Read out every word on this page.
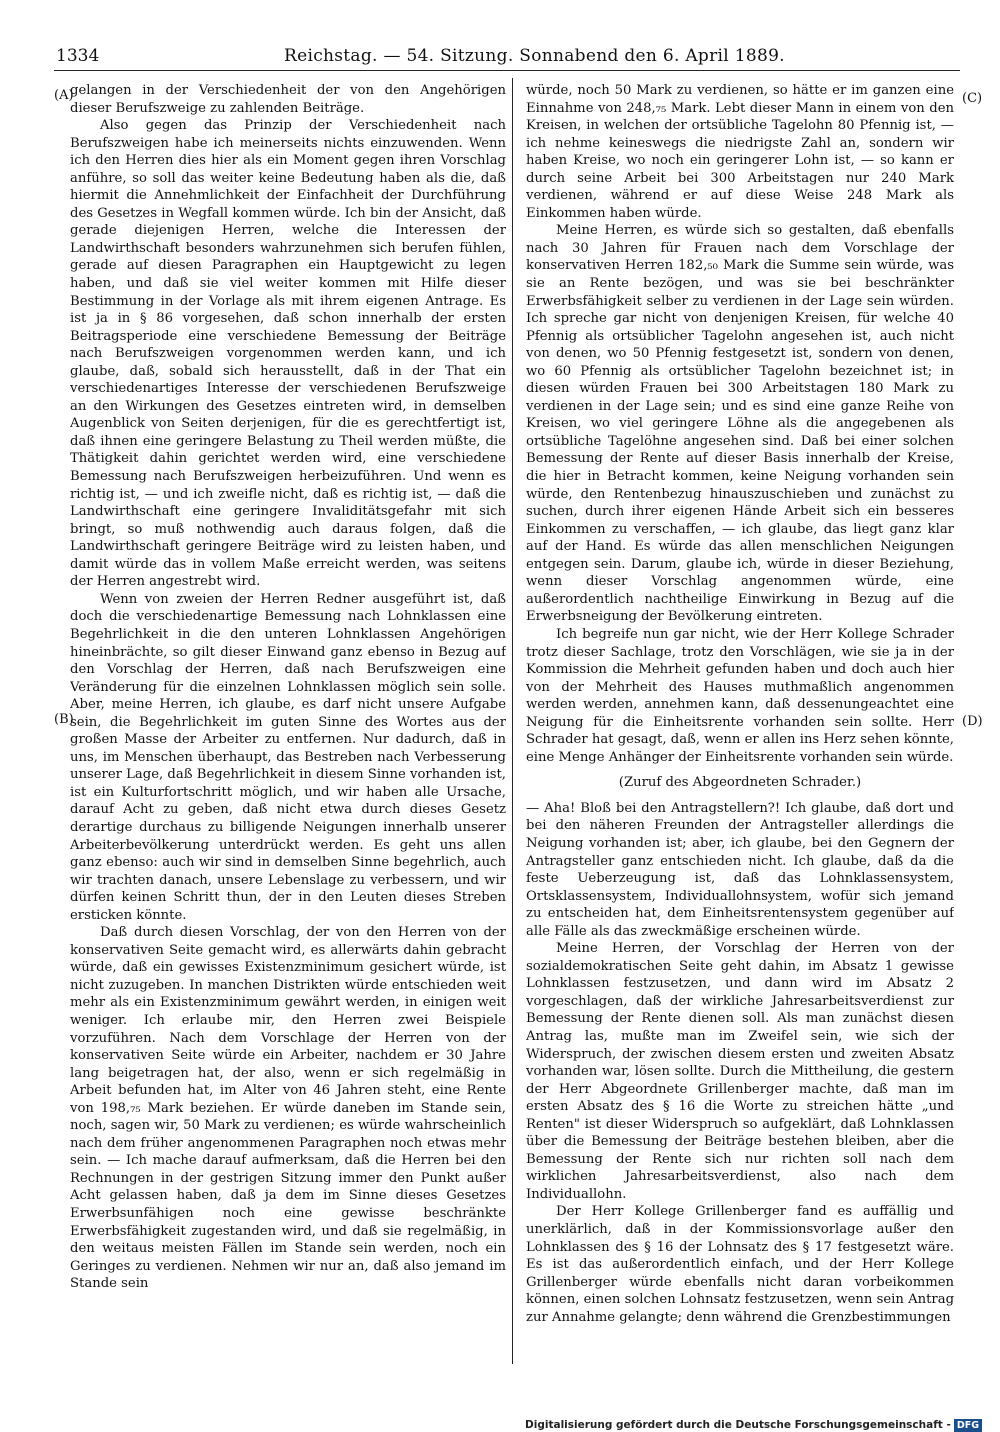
1334	Reichstag. — 54. Sitzung. Sonnabend den 6. April 1889.
(A)
(B)
(C)
(D)

gelangen in der Verschiedenheit der von den Angehörigen dieser Berufszweige zu zahlenden Beiträge.

Also gegen das Prinzip der Verschiedenheit nach Berufszweigen habe ich meinerseits nichts einzuwenden. Wenn ich den Herren dies hier als ein Moment gegen ihren Vorschlag anführe, so soll das weiter keine Bedeutung haben als die, daß hiermit die Annehmlichkeit der Einfachheit der Durchführung des Gesetzes in Wegfall kommen würde. Ich bin der Ansicht, daß gerade diejenigen Herren, welche die Interessen der Landwirthschaft besonders wahrzunehmen sich berufen fühlen, gerade auf diesen Paragraphen ein Hauptgewicht zu legen haben, und daß sie viel weiter kommen mit Hilfe dieser Bestimmung in der Vorlage als mit ihrem eigenen Antrage. Es ist ja in § 86 vorgesehen, daß schon innerhalb der ersten Beitragsperiode eine verschiedene Bemessung der Beiträge nach Berufszweigen vorgenommen werden kann, und ich glaube, daß, sobald sich herausstellt, daß in der That ein verschiedenartiges Interesse der verschiedenen Berufszweige an den Wirkungen des Gesetzes eintreten wird, in demselben Augenblick von Seiten derjenigen, für die es gerechtfertigt ist, daß ihnen eine geringere Belastung zu Theil werden müßte, die Thätigkeit dahin gerichtet werden wird, eine verschiedene Bemessung nach Berufszweigen herbeizuführen. Und wenn es richtig ist, — und ich zweifle nicht, daß es richtig ist, — daß die Landwirthschaft eine geringere Invaliditätsgefahr mit sich bringt, so muß nothwendig auch daraus folgen, daß die Landwirthschaft geringere Beiträge wird zu leisten haben, und damit würde das in vollem Maße erreicht werden, was seitens der Herren angestrebt wird.

Wenn von zweien der Herren Redner ausgeführt ist, daß doch die verschiedenartige Bemessung nach Lohnklassen eine Begehrlichkeit in die den unteren Lohnklassen Angehörigen hineinbrächte, so gilt dieser Einwand ganz ebenso in Bezug auf den Vorschlag der Herren, daß nach Berufszweigen eine Veränderung für die einzelnen Lohnklassen möglich sein solle. Aber, meine Herren, ich glaube, es darf nicht unsere Aufgabe sein, die Begehrlichkeit im guten Sinne des Wortes aus der großen Masse der Arbeiter zu entfernen. Nur dadurch, daß in uns, im Menschen überhaupt, das Bestreben nach Verbesserung unserer Lage, daß Begehrlichkeit in diesem Sinne vorhanden ist, ist ein Kulturfortschritt möglich, und wir haben alle Ursache, darauf Acht zu geben, daß nicht etwa durch dieses Gesetz derartige durchaus zu billigende Neigungen innerhalb unserer Arbeiterbevölkerung unterdrückt werden. Es geht uns allen ganz ebenso: auch wir sind in demselben Sinne begehrlich, auch wir trachten danach, unsere Lebenslage zu verbessern, und wir dürfen keinen Schritt thun, der in den Leuten dieses Streben ersticken könnte.

Daß durch diesen Vorschlag, der von den Herren von der konservativen Seite gemacht wird, es allerwärts dahin gebracht würde, daß ein gewisses Existenzminimum gesichert würde, ist nicht zuzugeben. In manchen Distrikten würde entschieden weit mehr als ein Existenzminimum gewährt werden, in einigen weit weniger. Ich erlaube mir, den Herren zwei Beispiele vorzuführen. Nach dem Vorschlage der Herren von der konservativen Seite würde ein Arbeiter, nachdem er 30 Jahre lang beigetragen hat, der also, wenn er sich regelmäßig in Arbeit befunden hat, im Alter von 46 Jahren steht, eine Rente von 198,₇₅ Mark beziehen. Er würde daneben im Stande sein, noch, sagen wir, 50 Mark zu verdienen; es würde wahrscheinlich nach dem früher angenommenen Paragraphen noch etwas mehr sein. — Ich mache darauf aufmerksam, daß die Herren bei den Rechnungen in der gestrigen Sitzung immer den Punkt außer Acht gelassen haben, daß ja dem im Sinne dieses Gesetzes Erwerbsunfähigen noch eine gewisse beschränkte Erwerbsfähigkeit zugestanden wird, und daß sie regelmäßig, in den weitaus meisten Fällen im Stande sein werden, noch ein Geringes zu verdienen. Nehmen wir nur an, daß also jemand im Stande sein

würde, noch 50 Mark zu verdienen, so hätte er im ganzen eine Einnahme von 248,₇₅ Mark. Lebt dieser Mann in einem von den Kreisen, in welchen der ortsübliche Tagelohn 80 Pfennig ist, — ich nehme keineswegs die niedrigste Zahl an, sondern wir haben Kreise, wo noch ein geringerer Lohn ist, — so kann er durch seine Arbeit bei 300 Arbeitstagen nur 240 Mark verdienen, während er auf diese Weise 248 Mark als Einkommen haben würde.

Meine Herren, es würde sich so gestalten, daß ebenfalls nach 30 Jahren für Frauen nach dem Vorschlage der konservativen Herren 182,₅₀ Mark die Summe sein würde, was sie an Rente bezögen, und was sie bei beschränkter Erwerbsfähigkeit selber zu verdienen in der Lage sein würden. Ich spreche gar nicht von denjenigen Kreisen, für welche 40 Pfennig als ortsüblicher Tagelohn angesehen ist, auch nicht von denen, wo 50 Pfennig festgesetzt ist, sondern von denen, wo 60 Pfennig als ortsüblicher Tagelohn bezeichnet ist; in diesen würden Frauen bei 300 Arbeitstagen 180 Mark zu verdienen in der Lage sein; und es sind eine ganze Reihe von Kreisen, wo viel geringere Löhne als die angegebenen als ortsübliche Tagelöhne angesehen sind. Daß bei einer solchen Bemessung der Rente auf dieser Basis innerhalb der Kreise, die hier in Betracht kommen, keine Neigung vorhanden sein würde, den Rentenbezug hinauszuschieben und zunächst zu suchen, durch ihrer eigenen Hände Arbeit sich ein besseres Einkommen zu verschaffen, — ich glaube, das liegt ganz klar auf der Hand. Es würde das allen menschlichen Neigungen entgegen sein. Darum, glaube ich, würde in dieser Beziehung, wenn dieser Vorschlag angenommen würde, eine außerordentlich nachtheilige Einwirkung in Bezug auf die Erwerbsneigung der Bevölkerung eintreten.

Ich begreife nun gar nicht, wie der Herr Kollege Schrader trotz dieser Sachlage, trotz den Vorschlägen, wie sie ja in der Kommission die Mehrheit gefunden haben und doch auch hier von der Mehrheit des Hauses muthmaßlich angenommen werden werden, annehmen kann, daß dessenungeachtet eine Neigung für die Einheitsrente vorhanden sein sollte. Herr Schrader hat gesagt, daß, wenn er allen ins Herz sehen könnte, eine Menge Anhänger der Einheitsrente vorhanden sein würde.

(Zuruf des Abgeordneten Schrader.)

— Aha! Bloß bei den Antragstellern?! Ich glaube, daß dort und bei den näheren Freunden der Antragsteller allerdings die Neigung vorhanden ist; aber, ich glaube, bei den Gegnern der Antragsteller ganz entschieden nicht. Ich glaube, daß da die feste Ueberzeugung ist, daß das Lohnklassensystem, Ortsklassensystem, Individuallohnsystem, wofür sich jemand zu entscheiden hat, dem Einheitsrentensystem gegenüber auf alle Fälle als das zweckmäßige erscheinen würde.

Meine Herren, der Vorschlag der Herren von der sozialdemokratischen Seite geht dahin, im Absatz 1 gewisse Lohnklassen festzusetzen, und dann wird im Absatz 2 vorgeschlagen, daß der wirkliche Jahresarbeitsverdienst zur Bemessung der Rente dienen soll. Als man zunächst diesen Antrag las, mußte man im Zweifel sein, wie sich der Widerspruch, der zwischen diesem ersten und zweiten Absatz vorhanden war, lösen sollte. Durch die Mittheilung, die gestern der Herr Abgeordnete Grillenberger machte, daß man im ersten Absatz des § 16 die Worte zu streichen hätte „und Renten" ist dieser Widerspruch so aufgeklärt, daß Lohnklassen über die Bemessung der Beiträge bestehen bleiben, aber die Bemessung der Rente sich nur richten soll nach dem wirklichen Jahresarbeitsverdienst, also nach dem Individuallohn.

Der Herr Kollege Grillenberger fand es auffällig und unerklärlich, daß in der Kommissionsvorlage außer den Lohnklassen des § 16 der Lohnsatz des § 17 festgesetzt wäre. Es ist das außerordentlich einfach, und der Herr Kollege Grillenberger würde ebenfalls nicht daran vorbeikommen können, einen solchen Lohnsatz festzusetzen, wenn sein Antrag zur Annahme gelangte; denn während die Grenzbestimmungen

Digitalisierung gefördert durch die Deutsche Forschungsgemeinschaft - DFG
